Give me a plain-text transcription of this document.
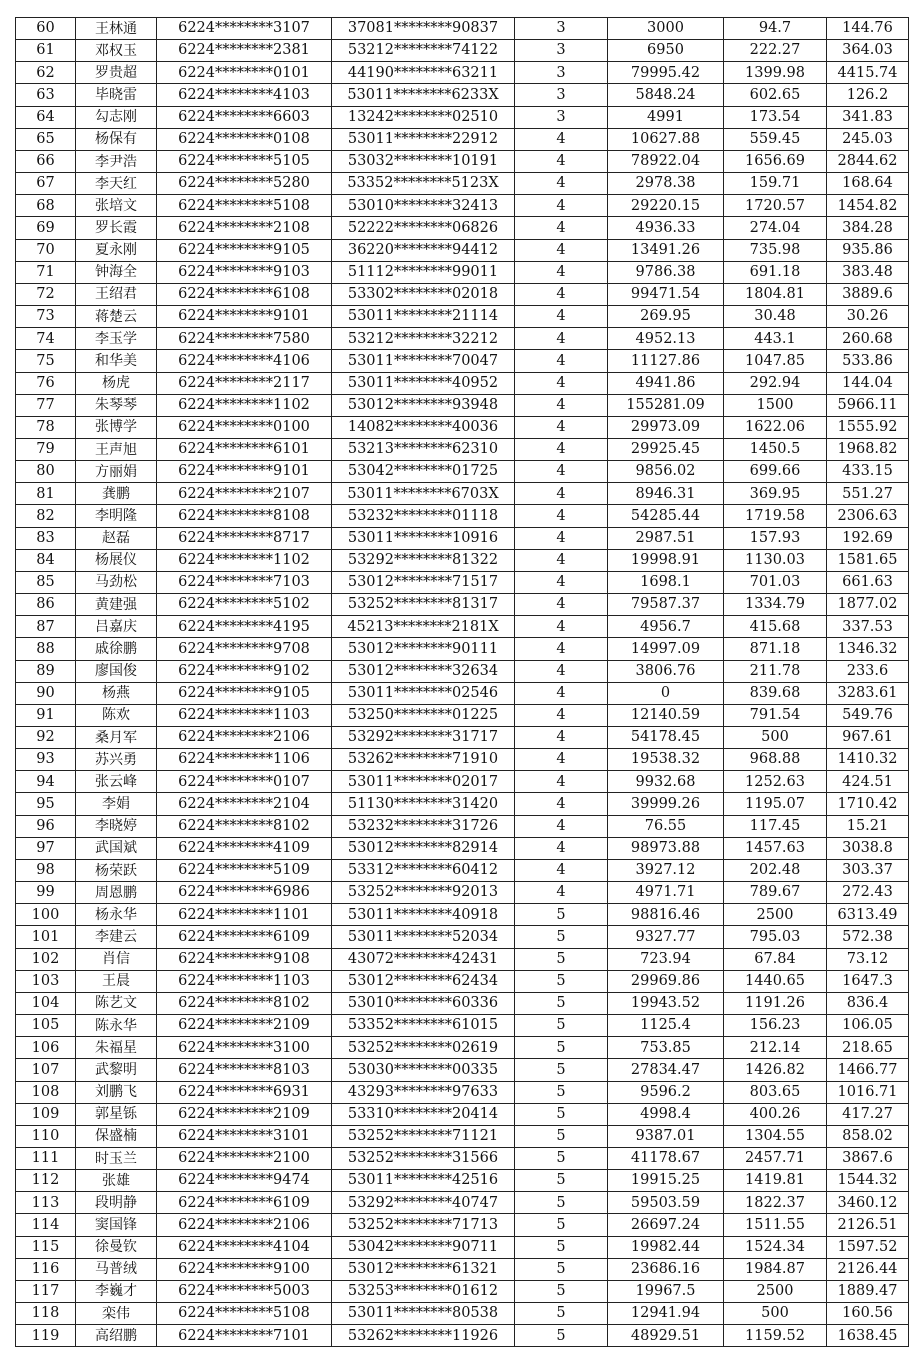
60	王林通	6224********3107	37081********90837	3	3000	94.7	144.76
61	邓权玉	6224********2381	53212********74122	3	6950	222.27	364.03
62	罗贵超	6224********0101	44190********63211	3	79995.42	1399.98	4415.74
63	毕晓雷	6224********4103	53011********6233X	3	5848.24	602.65	126.2
64	勾志刚	6224********6603	13242********02510	3	4991	173.54	341.83
65	杨保有	6224********0108	53011********22912	4	10627.88	559.45	245.03
66	李尹浩	6224********5105	53032********10191	4	78922.04	1656.69	2844.62
67	李天红	6224********5280	53352********5123X	4	2978.38	159.71	168.64
68	张培文	6224********5108	53010********32413	4	29220.15	1720.57	1454.82
69	罗长霞	6224********2108	52222********06826	4	4936.33	274.04	384.28
70	夏永刚	6224********9105	36220********94412	4	13491.26	735.98	935.86
71	钟海全	6224********9103	51112********99011	4	9786.38	691.18	383.48
72	王绍君	6224********6108	53302********02018	4	99471.54	1804.81	3889.6
73	蒋楚云	6224********9101	53011********21114	4	269.95	30.48	30.26
74	李玉学	6224********7580	53212********32212	4	4952.13	443.1	260.68
75	和华美	6224********4106	53011********70047	4	11127.86	1047.85	533.86
76	杨虎	6224********2117	53011********40952	4	4941.86	292.94	144.04
77	朱琴琴	6224********1102	53012********93948	4	155281.09	1500	5966.11
78	张博学	6224********0100	14082********40036	4	29973.09	1622.06	1555.92
79	王声旭	6224********6101	53213********62310	4	29925.45	1450.5	1968.82
80	方丽娟	6224********9101	53042********01725	4	9856.02	699.66	433.15
81	龚鹏	6224********2107	53011********6703X	4	8946.31	369.95	551.27
82	李明隆	6224********8108	53232********01118	4	54285.44	1719.58	2306.63
83	赵磊	6224********8717	53011********10916	4	2987.51	157.93	192.69
84	杨展仪	6224********1102	53292********81322	4	19998.91	1130.03	1581.65
85	马劲松	6224********7103	53012********71517	4	1698.1	701.03	661.63
86	黄建强	6224********5102	53252********81317	4	79587.37	1334.79	1877.02
87	吕嘉庆	6224********4195	45213********2181X	4	4956.7	415.68	337.53
88	戚徐鹏	6224********9708	53012********90111	4	14997.09	871.18	1346.32
89	廖国俊	6224********9102	53012********32634	4	3806.76	211.78	233.6
90	杨燕	6224********9105	53011********02546	4	0	839.68	3283.61
91	陈欢	6224********1103	53250********01225	4	12140.59	791.54	549.76
92	桑月军	6224********2106	53292********31717	4	54178.45	500	967.61
93	苏兴勇	6224********1106	53262********71910	4	19538.32	968.88	1410.32
94	张云峰	6224********0107	53011********02017	4	9932.68	1252.63	424.51
95	李娟	6224********2104	51130********31420	4	39999.26	1195.07	1710.42
96	李晓婷	6224********8102	53232********31726	4	76.55	117.45	15.21
97	武国斌	6224********4109	53012********82914	4	98973.88	1457.63	3038.8
98	杨荣跃	6224********5109	53312********60412	4	3927.12	202.48	303.37
99	周恩鹏	6224********6986	53252********92013	4	4971.71	789.67	272.43
100	杨永华	6224********1101	53011********40918	5	98816.46	2500	6313.49
101	李建云	6224********6109	53011********52034	5	9327.77	795.03	572.38
102	肖信	6224********9108	43072********42431	5	723.94	67.84	73.12
103	王晨	6224********1103	53012********62434	5	29969.86	1440.65	1647.3
104	陈艺文	6224********8102	53010********60336	5	19943.52	1191.26	836.4
105	陈永华	6224********2109	53352********61015	5	1125.4	156.23	106.05
106	朱福星	6224********3100	53252********02619	5	753.85	212.14	218.65
107	武黎明	6224********8103	53030********00335	5	27834.47	1426.82	1466.77
108	刘鹏飞	6224********6931	43293********97633	5	9596.2	803.65	1016.71
109	郭星铄	6224********2109	53310********20414	5	4998.4	400.26	417.27
110	保盛楠	6224********3101	53252********71121	5	9387.01	1304.55	858.02
111	时玉兰	6224********2100	53252********31566	5	41178.67	2457.71	3867.6
112	张雄	6224********9474	53011********42516	5	19915.25	1419.81	1544.32
113	段明静	6224********6109	53292********40747	5	59503.59	1822.37	3460.12
114	窦国锋	6224********2106	53252********71713	5	26697.24	1511.55	2126.51
115	徐曼钦	6224********4104	53042********90711	5	19982.44	1524.34	1597.52
116	马普绒	6224********9100	53012********61321	5	23686.16	1984.87	2126.44
117	李巍才	6224********5003	53253********01612	5	19967.5	2500	1889.47
118	栾伟	6224********5108	53011********80538	5	12941.94	500	160.56
119	高绍鹏	6224********7101	53262********11926	5	48929.51	1159.52	1638.45
